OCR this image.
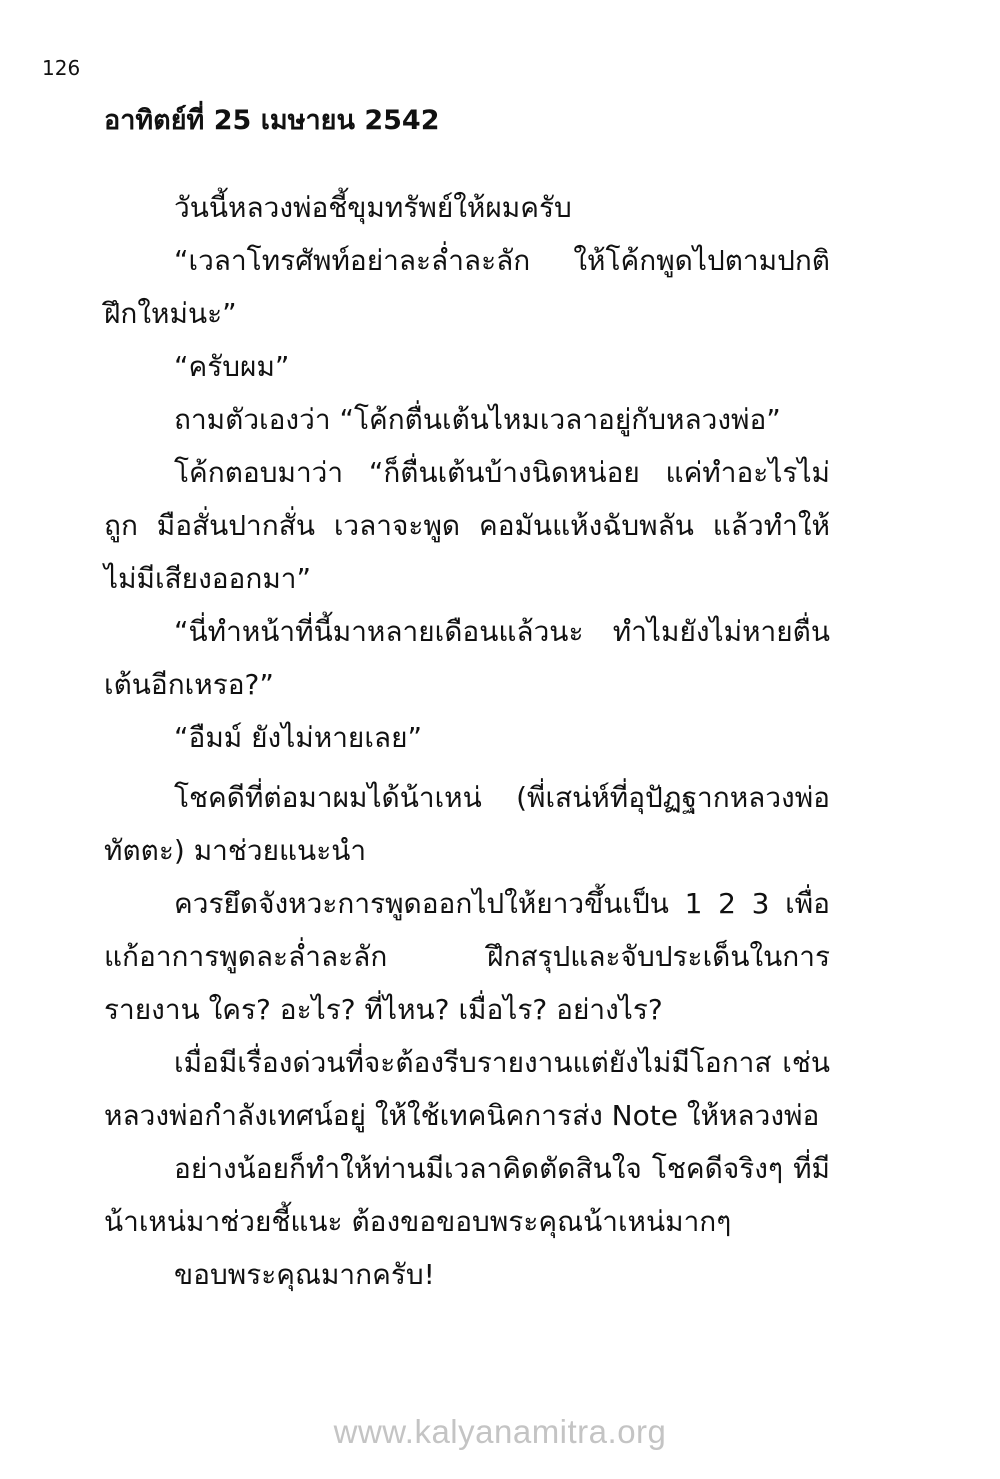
126
อาทิตย์ที่ 25 เมษายน 2542

วันนี้หลวงพ่อชี้ขุมทรัพย์ให้ผมครับ

“เวลาโทรศัพท์อย่าละล่ำละลัก ให้โค้กพูดไปตามปกติ ฝึกใหม่นะ”

“ครับผม”

ถามตัวเองว่า “โค้กตื่นเต้นไหมเวลาอยู่กับหลวงพ่อ”

โค้กตอบมาว่า “ก็ตื่นเต้นบ้างนิดหน่อย แค่ทำอะไรไม่ถูก มือสั่นปากสั่น เวลาจะพูด คอมันแห้งฉับพลัน แล้วทำให้ไม่มีเสียงออกมา”

“นี่ทำหน้าที่นี้มาหลายเดือนแล้วนะ ทำไมยังไม่หายตื่นเต้นอีกเหรอ?”

“อืมม์ ยังไม่หายเลย”

โชคดีที่ต่อมาผมได้น้าเหน่ (พี่เสน่ห์ที่อุปัฏฐากหลวงพ่อทัตตะ) มาช่วยแนะนำ

ควรยึดจังหวะการพูดออกไปให้ยาวขึ้นเป็น 1 2 3 เพื่อแก้อาการพูดละล่ำละลัก ฝึกสรุปและจับประเด็นในการรายงาน ใคร? อะไร? ที่ไหน? เมื่อไร? อย่างไร?

เมื่อมีเรื่องด่วนที่จะต้องรีบรายงานแต่ยังไม่มีโอกาส เช่น หลวงพ่อกำลังเทศน์อยู่ ให้ใช้เทคนิคการส่ง Note ให้หลวงพ่อ

อย่างน้อยก็ทำให้ท่านมีเวลาคิดตัดสินใจ โชคดีจริงๆ ที่มีน้าเหน่มาช่วยชี้แนะ ต้องขอขอบพระคุณน้าเหน่มากๆ

ขอบพระคุณมากครับ!

www.kalyanamitra.org
